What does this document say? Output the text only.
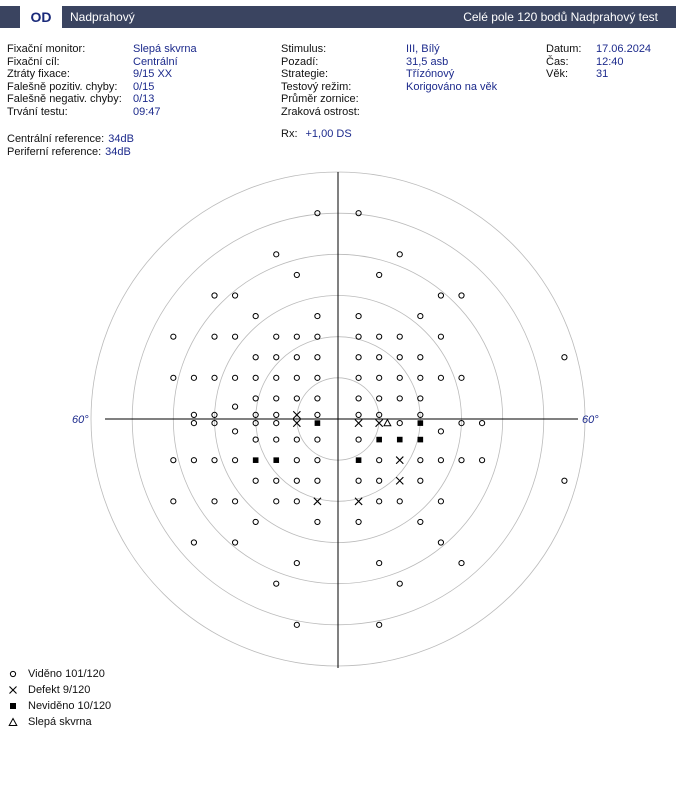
OD	Nadprahový	Celé pole 120 bodů Nadprahový test
Fixační monitor:	Slepá skvrna
Fixační cíl:	Centrální
Ztráty fixace:	9/15 XX
Falešně pozitiv. chyby: 0/15
Falešně negativ. chyby: 0/13
Trvání testu:	09:47
Centrální reference: 34dB
Periferní reference: 34dB
Stimulus:	III, Bílý
Pozadí:	31,5 asb
Strategie:	Třízónový
Testový režim:	Korigováno na věk
Průměr zornice:
Zraková ostrost:
Rx: +1,00 DS
Datum: 17.06.2024
Čas: 12:40
Věk:	31
60°	60°
Viděno 101/120
Defekt 9/120
Neviděno 10/120
Slepá skvrna
